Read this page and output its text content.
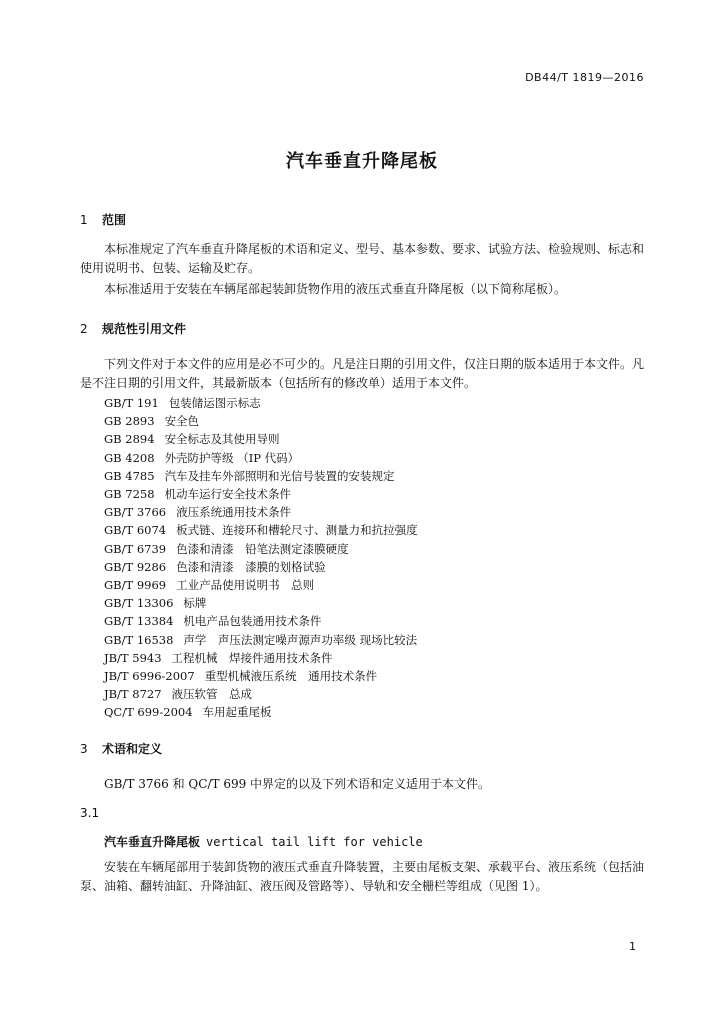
DB44/T 1819—2016
汽车垂直升降尾板
1 范围
本标准规定了汽车垂直升降尾板的术语和定义、型号、基本参数、要求、试验方法、检验规则、标志和使用说明书、包装、运输及贮存。
本标准适用于安装在车辆尾部起装卸货物作用的液压式垂直升降尾板（以下简称尾板）。
2 规范性引用文件
下列文件对于本文件的应用是必不可少的。凡是注日期的引用文件，仅注日期的版本适用于本文件。凡是不注日期的引用文件，其最新版本（包括所有的修改单）适用于本文件。
GB/T 191 包装储运图示标志
GB 2893 安全色
GB 2894 安全标志及其使用导则
GB 4208 外壳防护等级 （IP 代码）
GB 4785 汽车及挂车外部照明和光信号装置的安装规定
GB 7258 机动车运行安全技术条件
GB/T 3766 液压系统通用技术条件
GB/T 6074 板式链、连接环和槽轮尺寸、测量力和抗拉强度
GB/T 6739 色漆和清漆　铅笔法测定漆膜硬度
GB/T 9286 色漆和清漆　漆膜的划格试验
GB/T 9969 工业产品使用说明书　总则
GB/T 13306 标牌
GB/T 13384 机电产品包装通用技术条件
GB/T 16538 声学　声压法测定噪声源声功率级 现场比较法
JB/T 5943 工程机械　焊接件通用技术条件
JB/T 6996-2007 重型机械液压系统　通用技术条件
JB/T 8727 液压软管　总成
QC/T 699-2004 车用起重尾板
3 术语和定义
GB/T 3766 和 QC/T 699 中界定的以及下列术语和定义适用于本文件。
3.1
汽车垂直升降尾板 vertical tail lift for vehicle
安装在车辆尾部用于装卸货物的液压式垂直升降装置，主要由尾板支架、承载平台、液压系统（包括油泵、油箱、翻转油缸、升降油缸、液压阀及管路等）、导轨和安全栅栏等组成（见图 1）。
1
